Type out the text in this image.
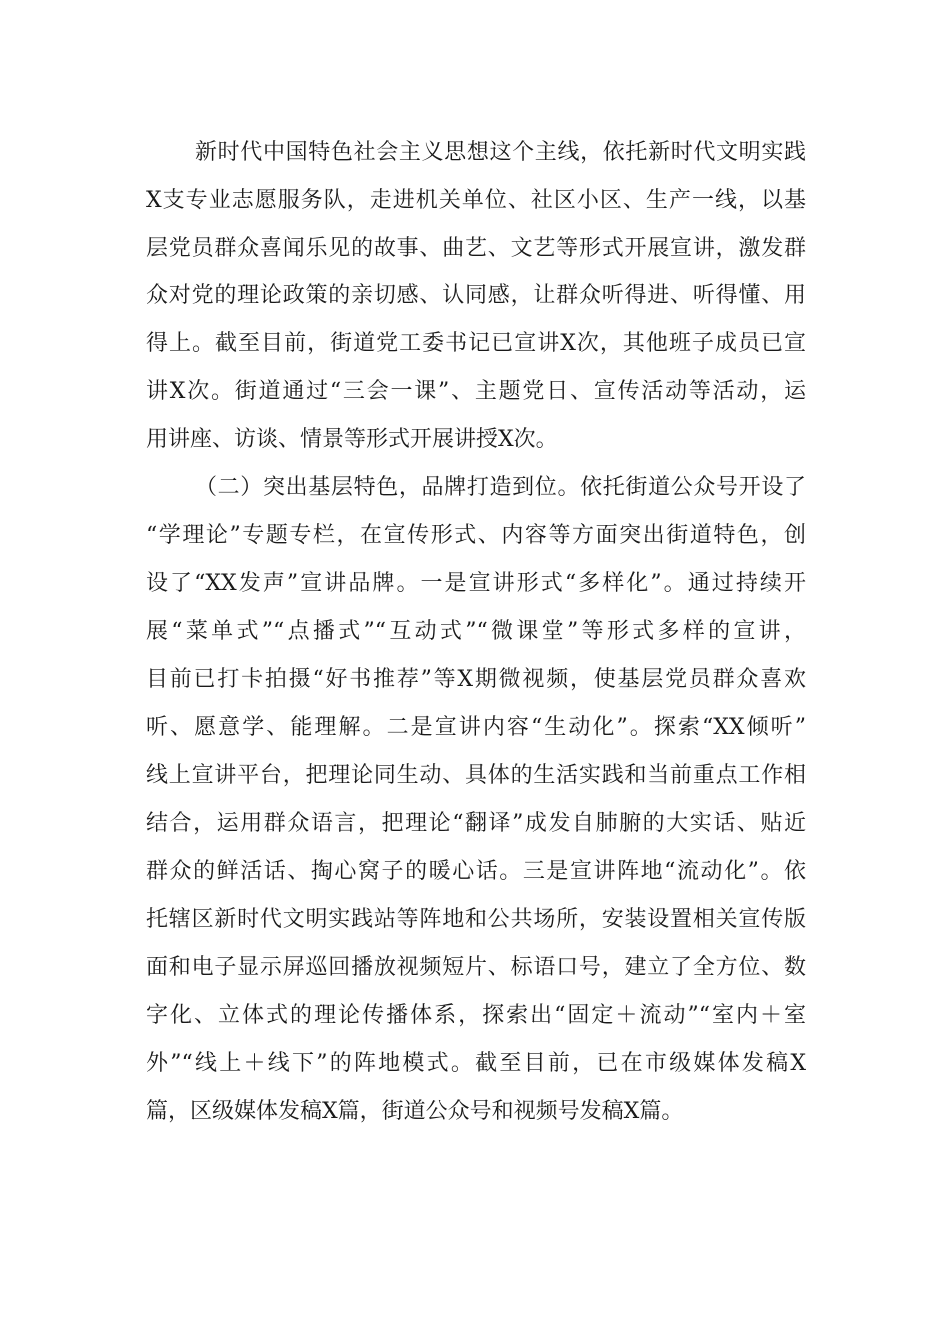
新时代中国特色社会主义思想这个主线，依托新时代文明实践
X支专业志愿服务队，走进机关单位、社区小区、生产一线，以基
层党员群众喜闻乐见的故事、曲艺、文艺等形式开展宣讲，激发群
众对党的理论政策的亲切感、认同感，让群众听得进、听得懂、用
得上。截至目前，街道党工委书记已宣讲X次，其他班子成员已宣
讲X次。街道通过“三会一课”、主题党日、宣传活动等活动，运
用讲座、访谈、情景等形式开展讲授X次。
（二）突出基层特色，品牌打造到位。依托街道公众号开设了
“学理论”专题专栏，在宣传形式、内容等方面突出街道特色，创
设了“XX发声”宣讲品牌。一是宣讲形式“多样化”。通过持续开
展“菜单式”“点播式”“互动式”“微课堂”等形式多样的宣讲，
目前已打卡拍摄“好书推荐”等X期微视频，使基层党员群众喜欢
听、愿意学、能理解。二是宣讲内容“生动化”。探索“XX倾听”
线上宣讲平台，把理论同生动、具体的生活实践和当前重点工作相
结合，运用群众语言，把理论“翻译”成发自肺腑的大实话、贴近
群众的鲜活话、掏心窝子的暖心话。三是宣讲阵地“流动化”。依
托辖区新时代文明实践站等阵地和公共场所，安装设置相关宣传版
面和电子显示屏巡回播放视频短片、标语口号，建立了全方位、数
字化、立体式的理论传播体系，探索出“固定＋流动”“室内＋室
外”“线上＋线下”的阵地模式。截至目前，已在市级媒体发稿X
篇，区级媒体发稿X篇，街道公众号和视频号发稿X篇。
